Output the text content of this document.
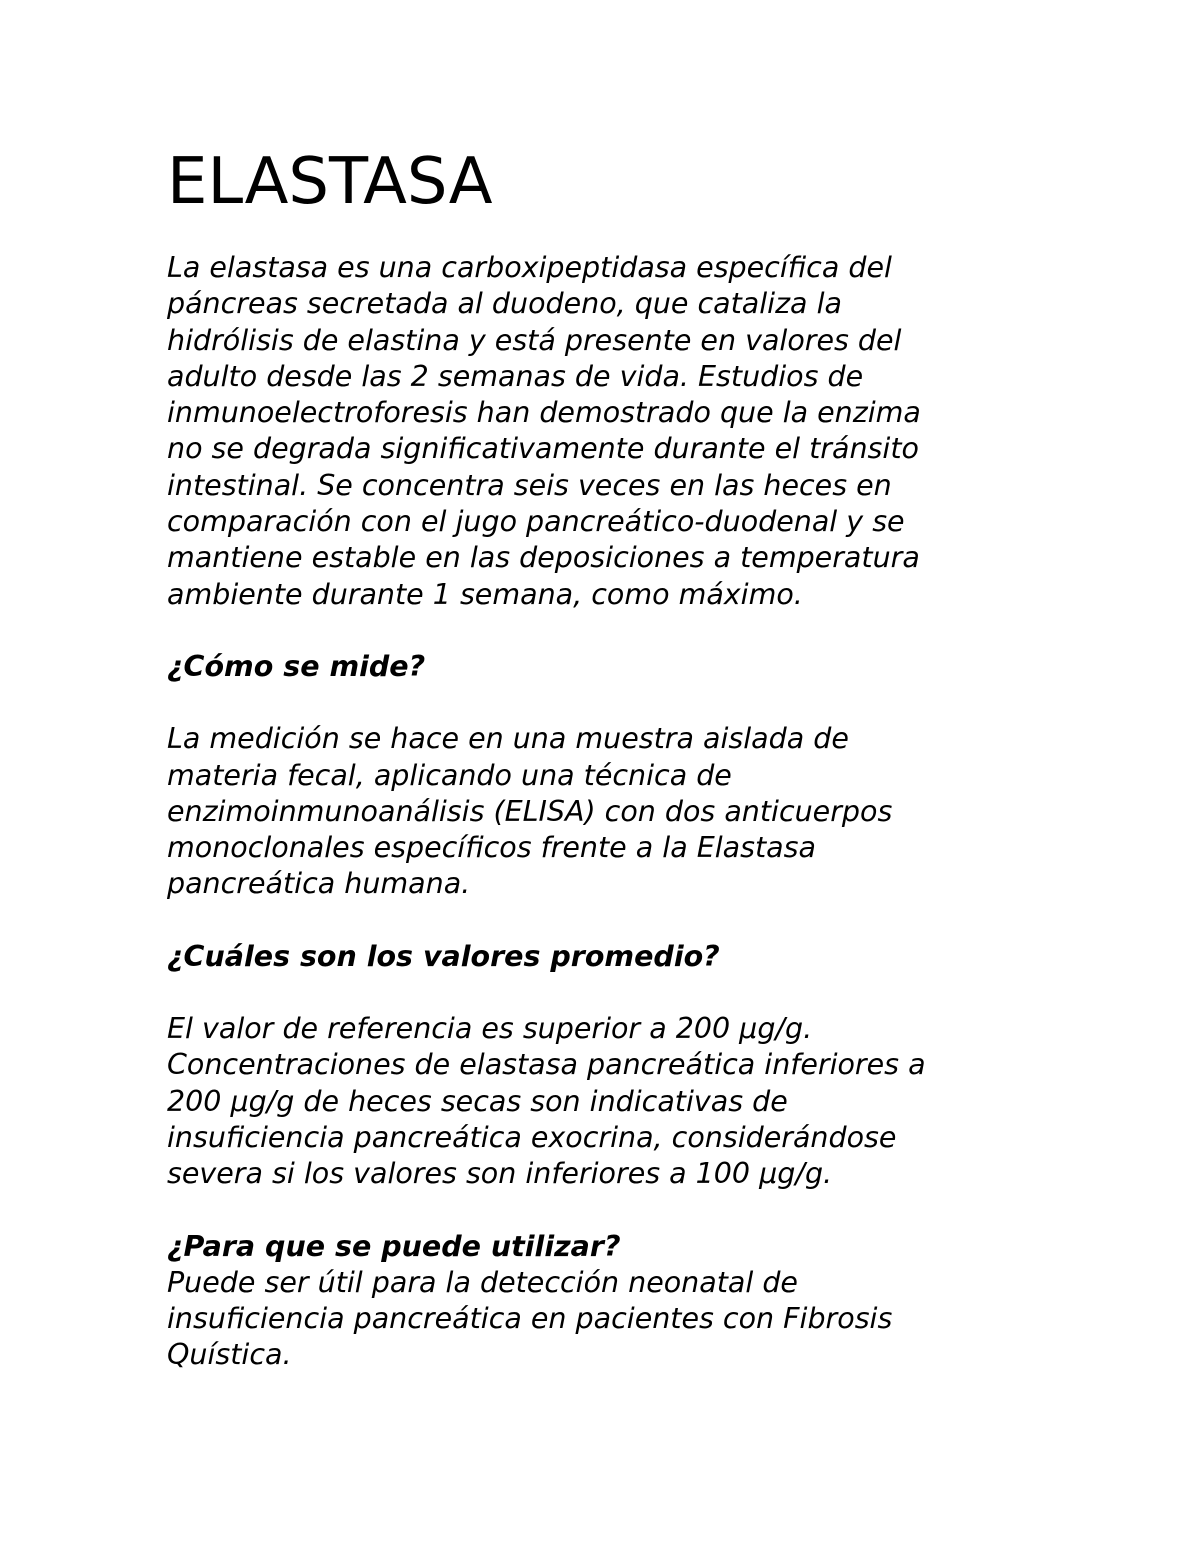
ELASTASA

La elastasa es una carboxipeptidasa específica del
páncreas secretada al duodeno, que cataliza la
hidrólisis de elastina y está presente en valores del
adulto desde las 2 semanas de vida. Estudios de
inmunoelectroforesis han demostrado que la enzima
no se degrada significativamente durante el tránsito
intestinal. Se concentra seis veces en las heces en
comparación con el jugo pancreático-duodenal y se
mantiene estable en las deposiciones a temperatura
ambiente durante 1 semana, como máximo.

¿Cómo se mide?

La medición se hace en una muestra aislada de
materia fecal, aplicando una técnica de
enzimoinmunoanálisis (ELISA) con dos anticuerpos
monoclonales específicos frente a la Elastasa
pancreática humana.

¿Cuáles son los valores promedio?

El valor de referencia es superior a 200 µg/g.
Concentraciones de elastasa pancreática inferiores a
200 µg/g de heces secas son indicativas de
insuficiencia pancreática exocrina, considerándose
severa si los valores son inferiores a 100 µg/g.

¿Para que se puede utilizar?

Puede ser útil para la detección neonatal de
insuficiencia pancreática en pacientes con Fibrosis
Quística.
